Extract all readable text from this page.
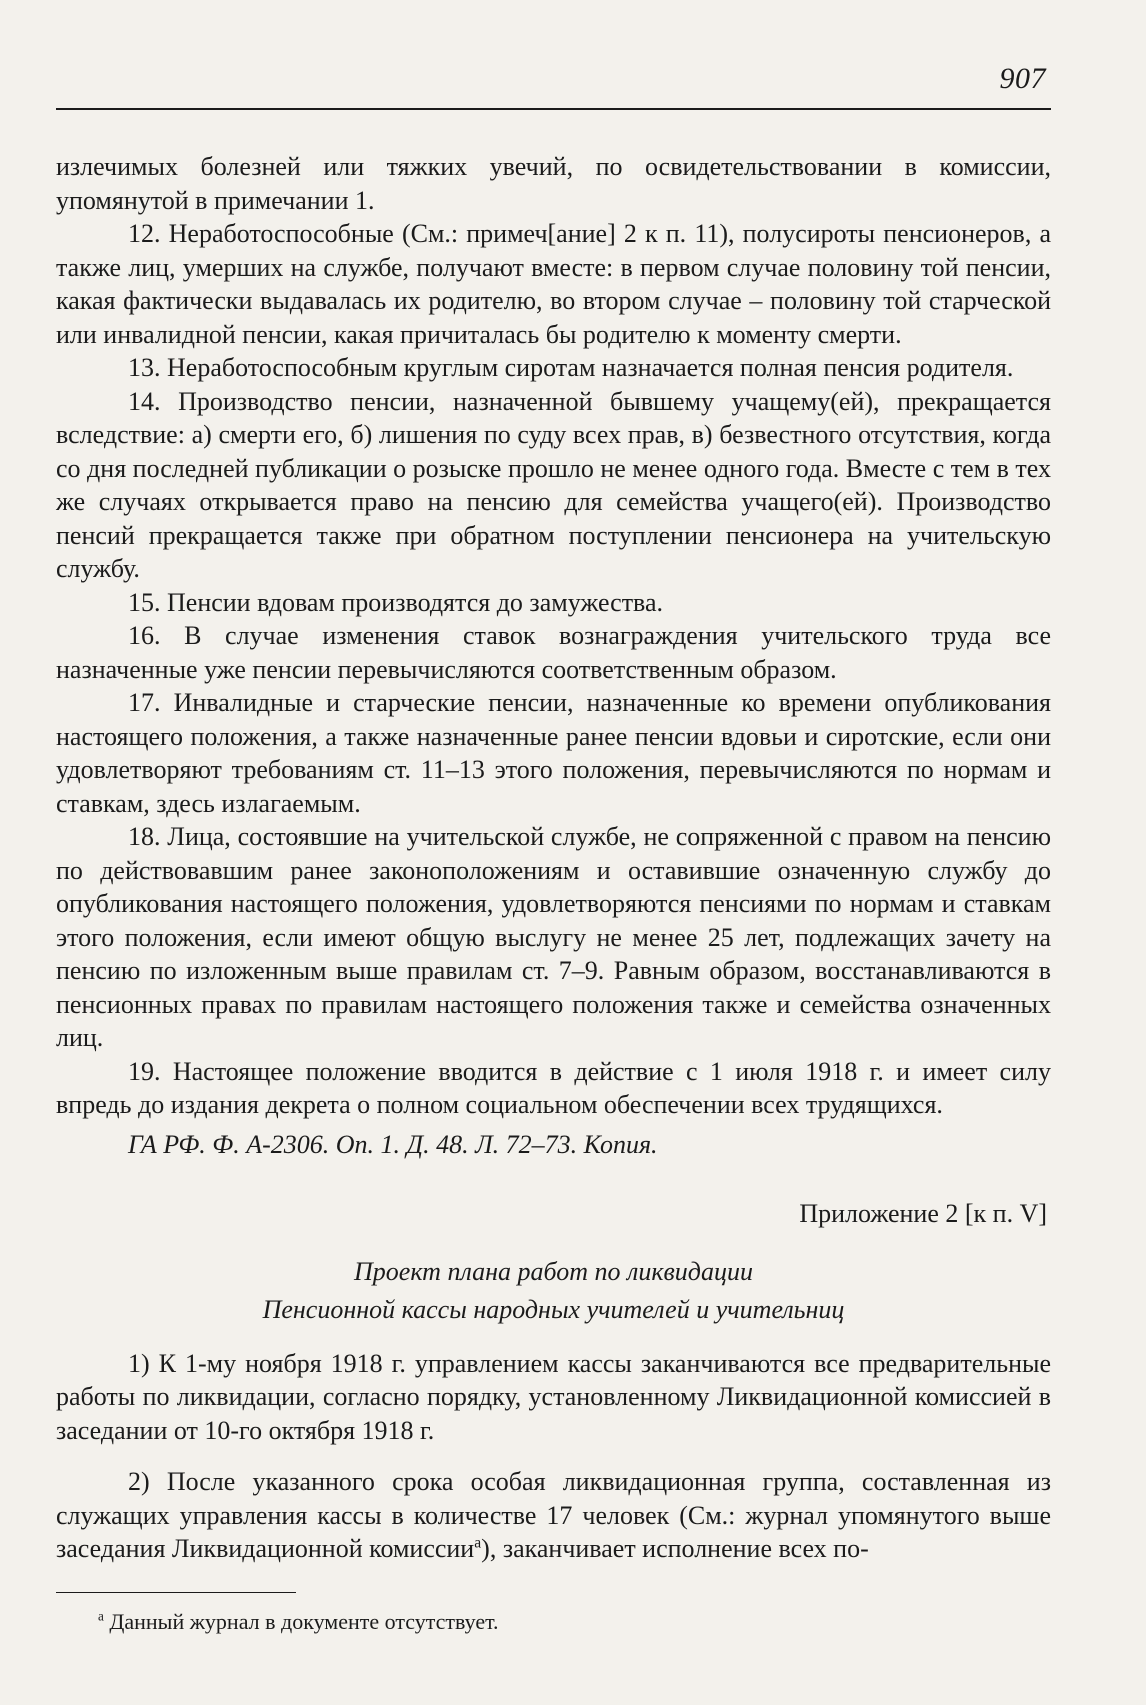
907

излечимых болезней или тяжких увечий, по освидетельствовании в комиссии, упомянутой в примечании 1.

12. Неработоспособные (См.: примеч[ание] 2 к п. 11), полусироты пенсионеров, а также лиц, умерших на службе, получают вместе: в первом случае половину той пенсии, какая фактически выдавалась их родителю, во втором случае – половину той старческой или инвалидной пенсии, какая причиталась бы родителю к моменту смерти.

13. Неработоспособным круглым сиротам назначается полная пенсия родителя.

14. Производство пенсии, назначенной бывшему учащему(ей), прекращается вследствие: а) смерти его, б) лишения по суду всех прав, в) безвестного отсутствия, когда со дня последней публикации о розыске прошло не менее одного года. Вместе с тем в тех же случаях открывается право на пенсию для семейства учащего(ей). Производство пенсий прекращается также при обратном поступлении пенсионера на учительскую службу.

15. Пенсии вдовам производятся до замужества.

16. В случае изменения ставок вознаграждения учительского труда все назначенные уже пенсии перевычисляются соответственным образом.

17. Инвалидные и старческие пенсии, назначенные ко времени опубликования настоящего положения, а также назначенные ранее пенсии вдовьи и сиротские, если они удовлетворяют требованиям ст. 11–13 этого положения, перевычисляются по нормам и ставкам, здесь излагаемым.

18. Лица, состоявшие на учительской службе, не сопряженной с правом на пенсию по действовавшим ранее законоположениям и оставившие означенную службу до опубликования настоящего положения, удовлетворяются пенсиями по нормам и ставкам этого положения, если имеют общую выслугу не менее 25 лет, подлежащих зачету на пенсию по изложенным выше правилам ст. 7–9. Равным образом, восстанавливаются в пенсионных правах по правилам настоящего положения также и семейства означенных лиц.

19. Настоящее положение вводится в действие с 1 июля 1918 г. и имеет силу впредь до издания декрета о полном социальном обеспечении всех трудящихся.

ГА РФ. Ф. А-2306. Оп. 1. Д. 48. Л. 72–73. Копия.

Приложение 2 [к п. V]

Проект плана работ по ликвидации
Пенсионной кассы народных учителей и учительниц

1) К 1-му ноября 1918 г. управлением кассы заканчиваются все предварительные работы по ликвидации, согласно порядку, установленному Ликвидационной комиссией в заседании от 10-го октября 1918 г.

2) После указанного срока особая ликвидационная группа, составленная из служащих управления кассы в количестве 17 человек (См.: журнал упомянутого выше заседания Ликвидационной комиссии$^а$), заканчивает исполнение всех по-

$^а$ Данный журнал в документе отсутствует.
